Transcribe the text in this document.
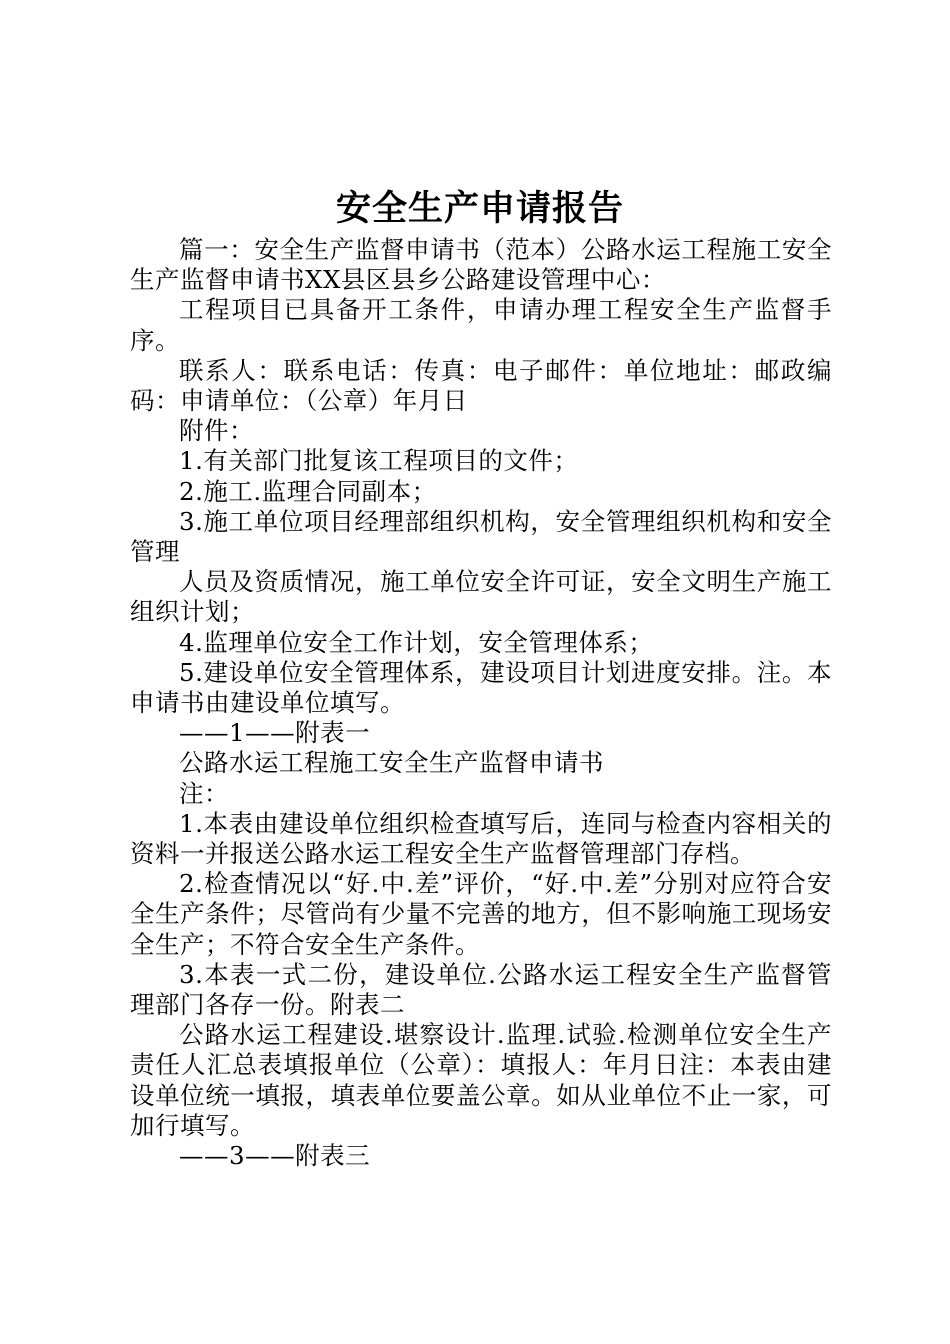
安全生产申请报告

篇一：安全生产监督申请书（范本）公路水运工程施工安全生产监督申请书XX县区县乡公路建设管理中心：

工程项目已具备开工条件，申请办理工程安全生产监督手序。

联系人：联系电话：传真：电子邮件：单位地址：邮政编码：申请单位：（公章）年月日

附件：

1.有关部门批复该工程项目的文件；

2.施工.监理合同副本；

3.施工单位项目经理部组织机构，安全管理组织机构和安全管理

人员及资质情况，施工单位安全许可证，安全文明生产施工组织计划；

4.监理单位安全工作计划，安全管理体系；

5.建设单位安全管理体系，建设项目计划进度安排。注。本申请书由建设单位填写。

——1——附表一

公路水运工程施工安全生产监督申请书

注：

1.本表由建设单位组织检查填写后，连同与检查内容相关的资料一并报送公路水运工程安全生产监督管理部门存档。

2.检查情况以“好.中.差”评价，“好.中.差”分别对应符合安全生产条件；尽管尚有少量不完善的地方，但不影响施工现场安全生产；不符合安全生产条件。

3.本表一式二份，建设单位.公路水运工程安全生产监督管理部门各存一份。附表二

公路水运工程建设.堪察设计.监理.试验.检测单位安全生产责任人汇总表填报单位（公章）：填报人：年月日注：本表由建设单位统一填报，填表单位要盖公章。如从业单位不止一家，可加行填写。

——3——附表三
